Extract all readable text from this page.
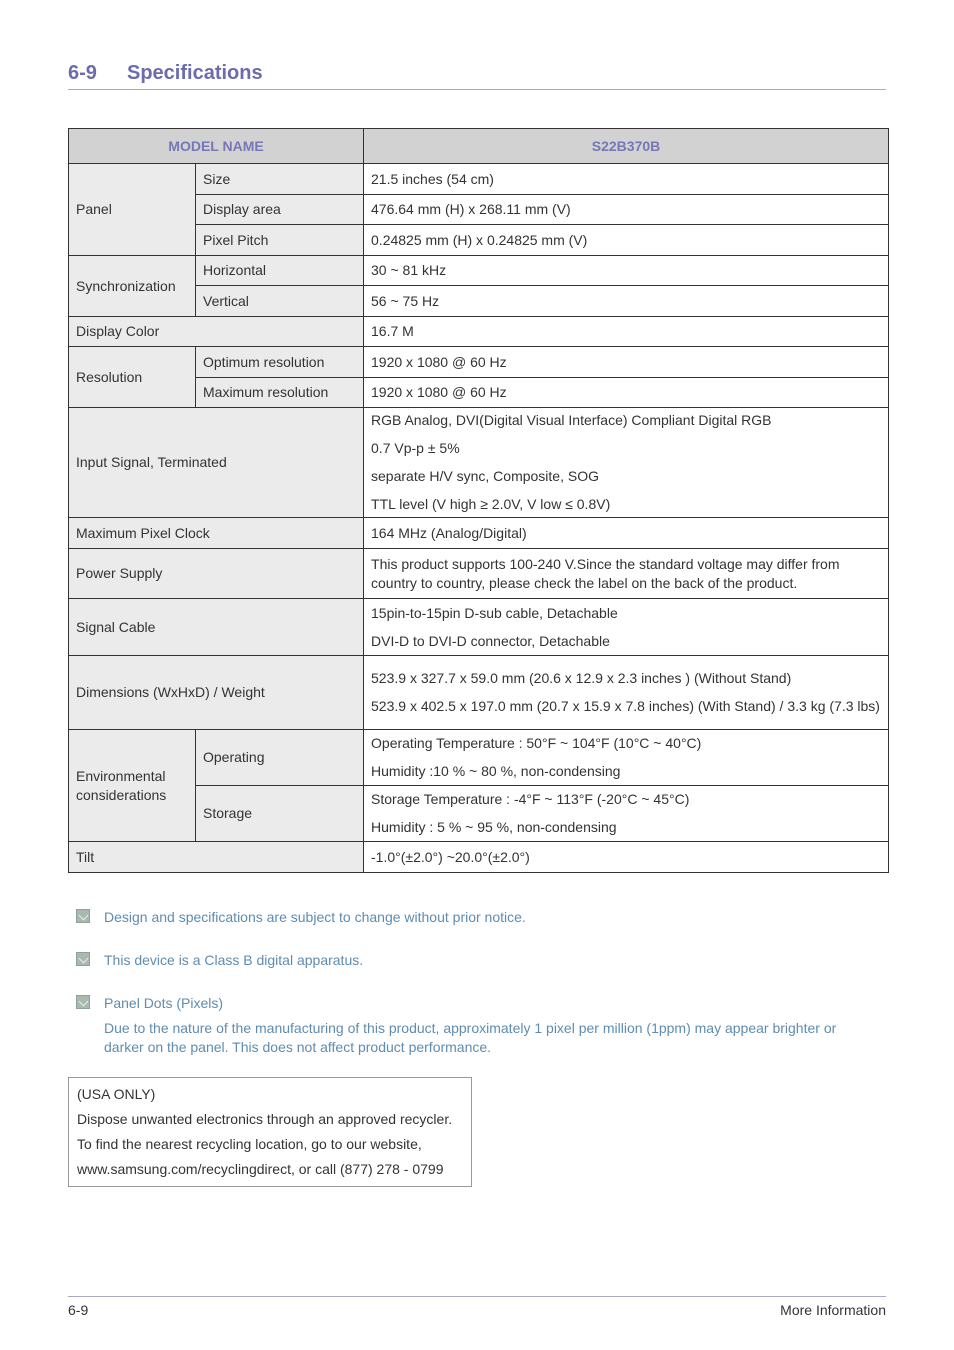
6-9 Specifications
MODEL NAME		S22B370B
Panel	Size	21.5 inches (54 cm)
	Display area	476.64 mm (H) x 268.11 mm (V)
	Pixel Pitch	0.24825 mm (H) x 0.24825 mm (V)
Synchronization	Horizontal	30 ~ 81 kHz
	Vertical	56 ~ 75 Hz
Display Color		16.7 M
Resolution	Optimum resolution	1920 x 1080 @ 60 Hz
	Maximum resolution	1920 x 1080 @ 60 Hz
Input Signal, Terminated		RGB Analog, DVI(Digital Visual Interface) Compliant Digital RGB
0.7 Vp-p ± 5%
separate H/V sync, Composite, SOG
TTL level (V high ≥ 2.0V, V low ≤ 0.8V)

Maximum Pixel Clock		164 MHz (Analog/Digital)
Power Supply		This product supports 100-240 V.Since the standard voltage may differ from country to country, please check the label on the back of the product.
Signal Cable		15pin-to-15pin D-sub cable, Detachable
DVI-D to DVI-D connector, Detachable

Dimensions (WxHxD) / Weight		523.9 x 327.7 x 59.0 mm (20.6 x 12.9 x 2.3 inches ) (Without Stand)
523.9 x 402.5 x 197.0 mm (20.7 x 15.9 x 7.8 inches) (With Stand) / 3.3 kg (7.3 lbs)

Environmental considerations	Operating	Operating Temperature : 50°F ~ 104°F (10°C ~ 40°C)
Humidity :10 % ~ 80 %, non-condensing

	Storage	Storage Temperature : -4°F ~ 113°F (-20°C ~ 45°C)
Humidity : 5 % ~ 95 %, non-condensing

Tilt		-1.0°(±2.0°) ~20.0°(±2.0°)
Design and specifications are subject to change without prior notice.
This device is a Class B digital apparatus.
Panel Dots (Pixels)
Due to the nature of the manufacturing of this product, approximately 1 pixel per million (1ppm) may appear brighter or darker on the panel. This does not affect product performance.
(USA ONLY)
Dispose unwanted electronics through an approved recycler.
To find the nearest recycling location, go to our website,
www.samsung.com/recyclingdirect, or call (877) 278 - 0799
6-9	More Information
